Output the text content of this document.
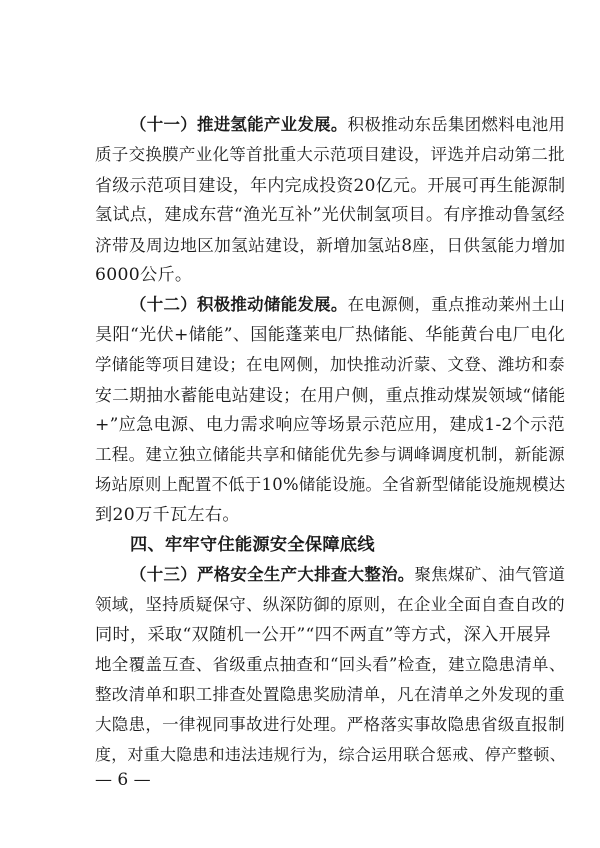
（十一）推进氢能产业发展。积极推动东岳集团燃料电池用
质子交换膜产业化等首批重大示范项目建设，评选并启动第二批
省级示范项目建设，年内完成投资20亿元。开展可再生能源制
氢试点，建成东营“渔光互补”光伏制氢项目。有序推动鲁氢经
济带及周边地区加氢站建设，新增加氢站8座，日供氢能力增加
6000公斤。
（十二）积极推动储能发展。在电源侧，重点推动莱州土山
昊阳“光伏+储能”、国能蓬莱电厂热储能、华能黄台电厂电化
学储能等项目建设；在电网侧，加快推动沂蒙、文登、潍坊和泰
安二期抽水蓄能电站建设；在用户侧，重点推动煤炭领域“储能
+”应急电源、电力需求响应等场景示范应用，建成1-2个示范
工程。建立独立储能共享和储能优先参与调峰调度机制，新能源
场站原则上配置不低于10%储能设施。全省新型储能设施规模达
到20万千瓦左右。
四、牢牢守住能源安全保障底线
（十三）严格安全生产大排查大整治。聚焦煤矿、油气管道
领域，坚持质疑保守、纵深防御的原则，在企业全面自查自改的
同时，采取“双随机一公开”“四不两直”等方式，深入开展异
地全覆盖互查、省级重点抽查和“回头看”检查，建立隐患清单、
整改清单和职工排查处置隐患奖励清单，凡在清单之外发现的重
大隐患，一律视同事故进行处理。严格落实事故隐患省级直报制
度，对重大隐患和违法违规行为，综合运用联合惩戒、停产整顿、
— 6 —
